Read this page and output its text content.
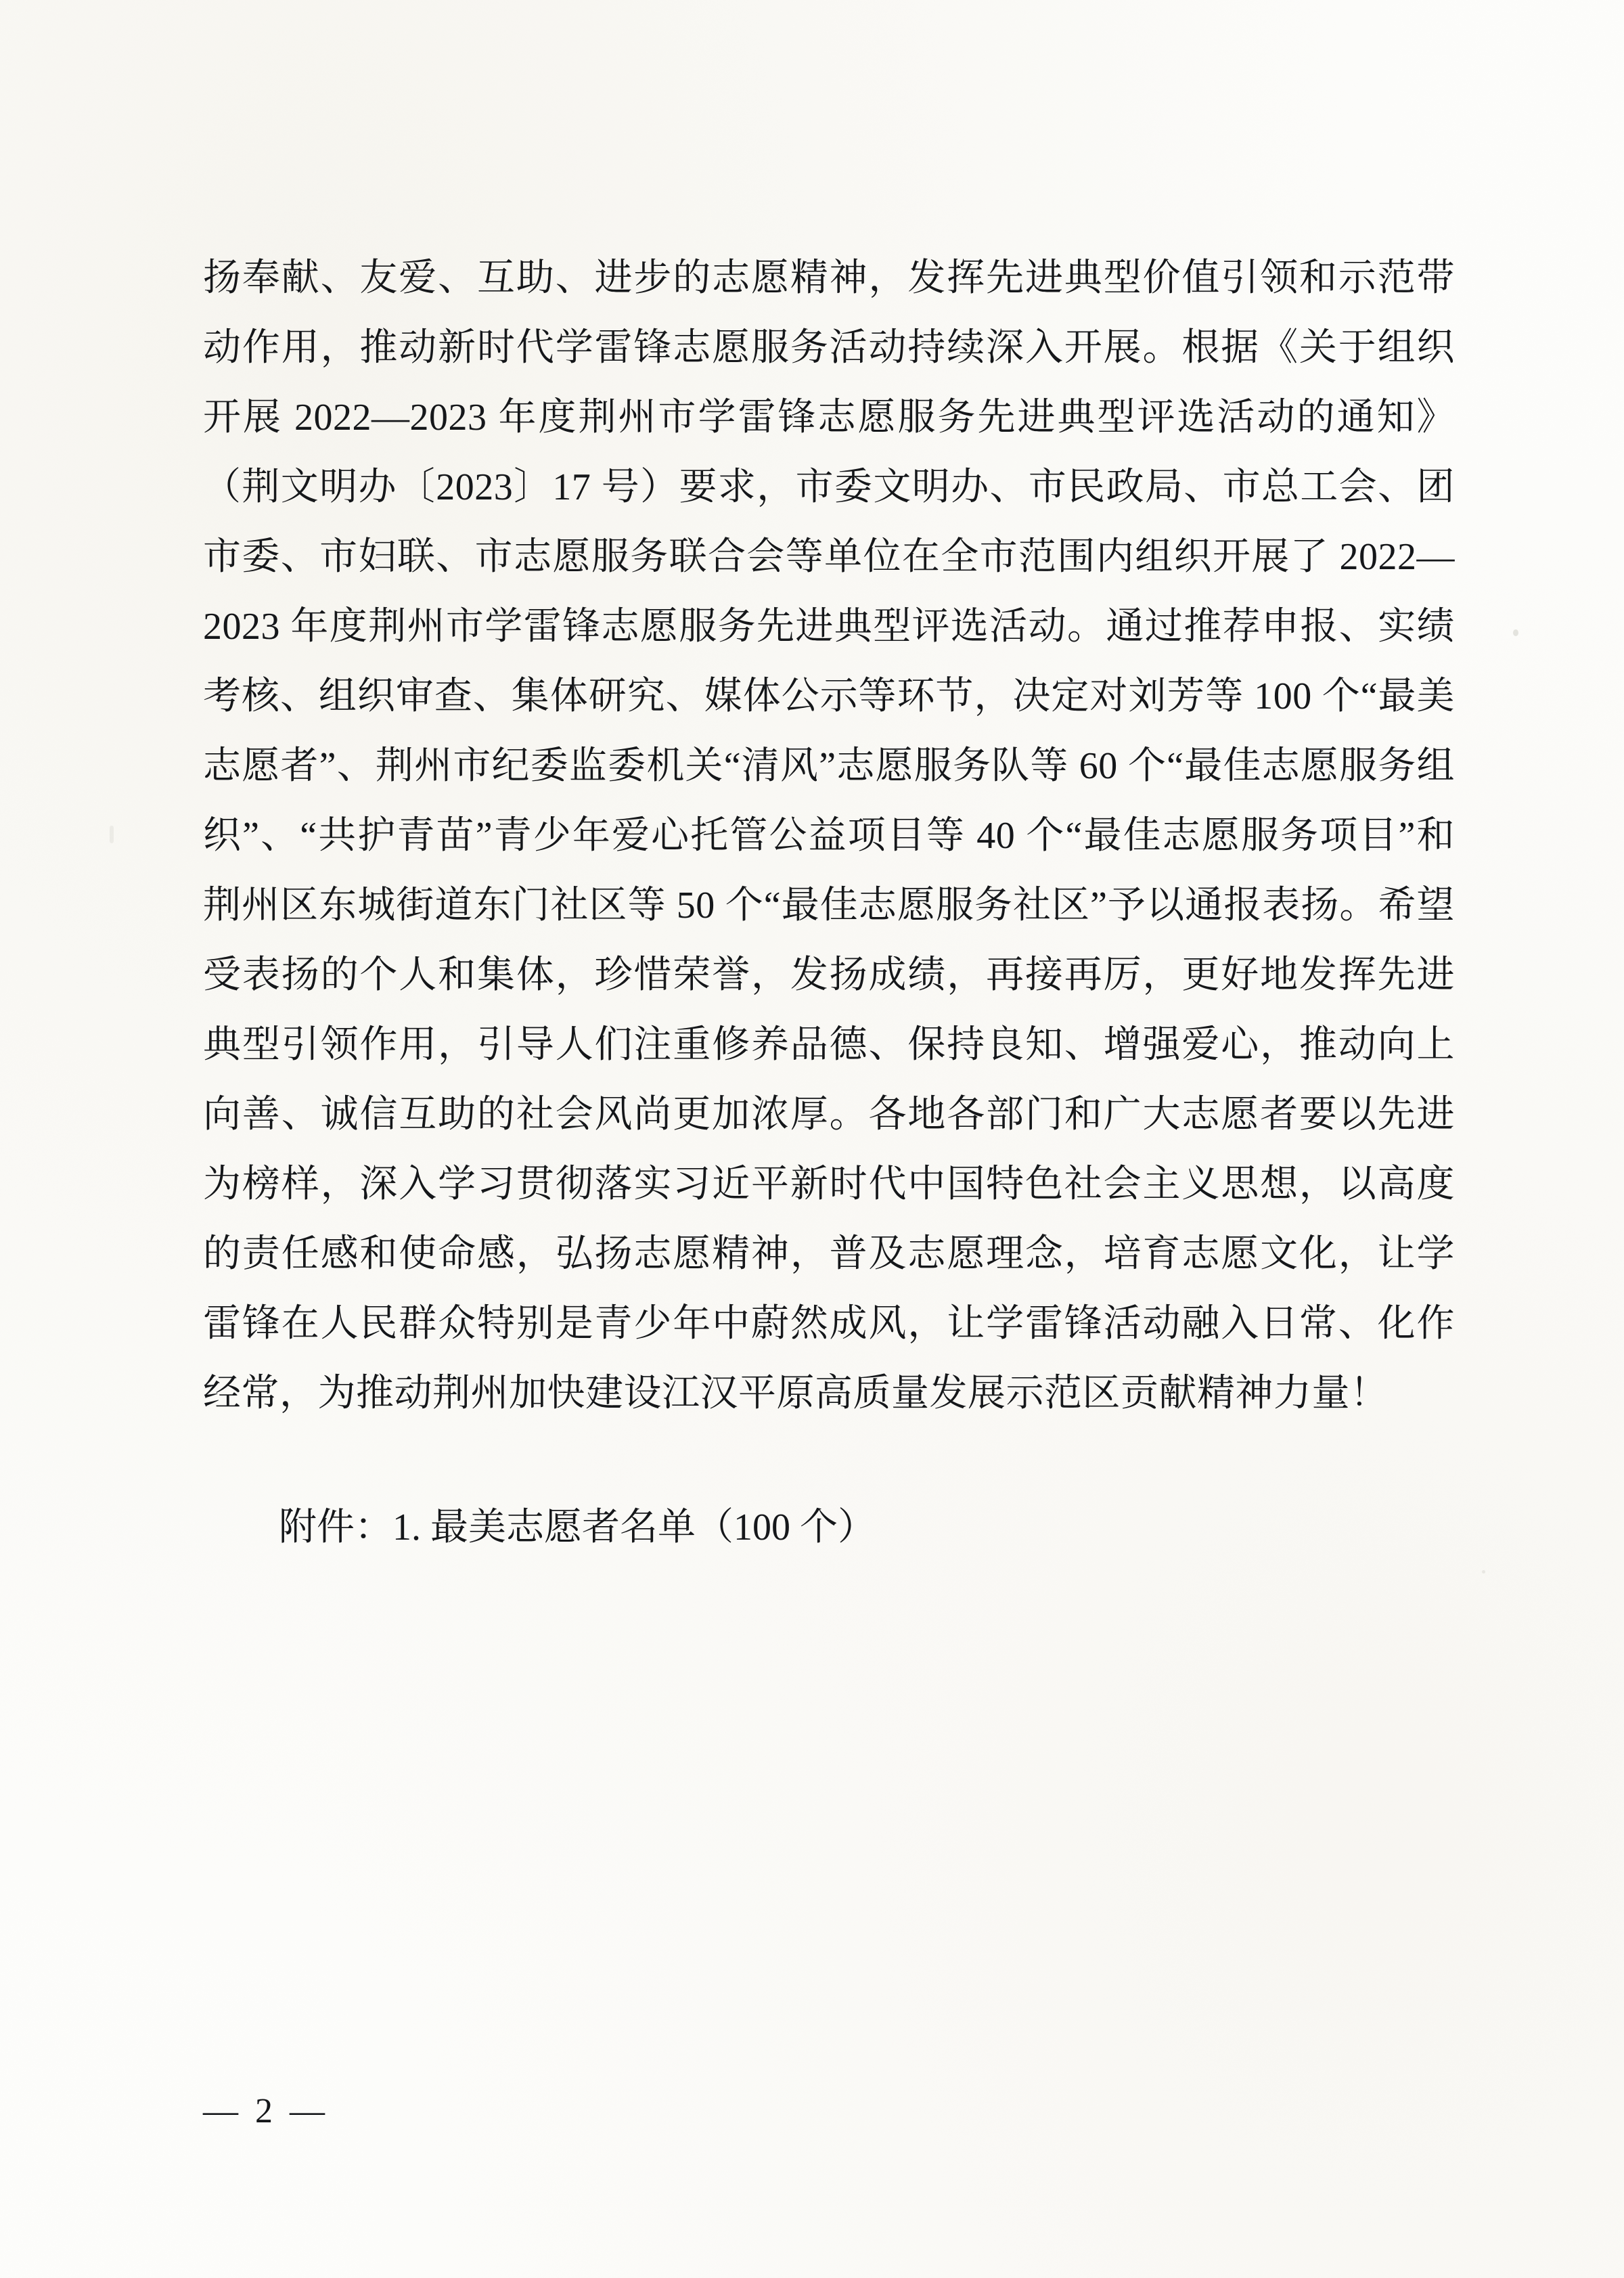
扬奉献、友爱、互助、进步的志愿精神，发挥先进典型价值引领和示范带动作用，推动新时代学雷锋志愿服务活动持续深入开展。根据《关于组织开展 2022—2023 年度荆州市学雷锋志愿服务先进典型评选活动的通知》（荆文明办〔2023〕17 号）要求，市委文明办、市民政局、市总工会、团市委、市妇联、市志愿服务联合会等单位在全市范围内组织开展了 2022—2023 年度荆州市学雷锋志愿服务先进典型评选活动。通过推荐申报、实绩考核、组织审查、集体研究、媒体公示等环节，决定对刘芳等 100 个“最美志愿者”、荆州市纪委监委机关“清风”志愿服务队等 60 个“最佳志愿服务组织”、“共护青苗”青少年爱心托管公益项目等 40 个“最佳志愿服务项目”和荆州区东城街道东门社区等 50 个“最佳志愿服务社区”予以通报表扬。希望受表扬的个人和集体，珍惜荣誉，发扬成绩，再接再厉，更好地发挥先进典型引领作用，引导人们注重修养品德、保持良知、增强爱心，推动向上向善、诚信互助的社会风尚更加浓厚。各地各部门和广大志愿者要以先进为榜样，深入学习贯彻落实习近平新时代中国特色社会主义思想，以高度的责任感和使命感，弘扬志愿精神，普及志愿理念，培育志愿文化，让学雷锋在人民群众特别是青少年中蔚然成风，让学雷锋活动融入日常、化作经常，为推动荆州加快建设江汉平原高质量发展示范区贡献精神力量！

附件：1. 最美志愿者名单（100 个）
— 2 —
